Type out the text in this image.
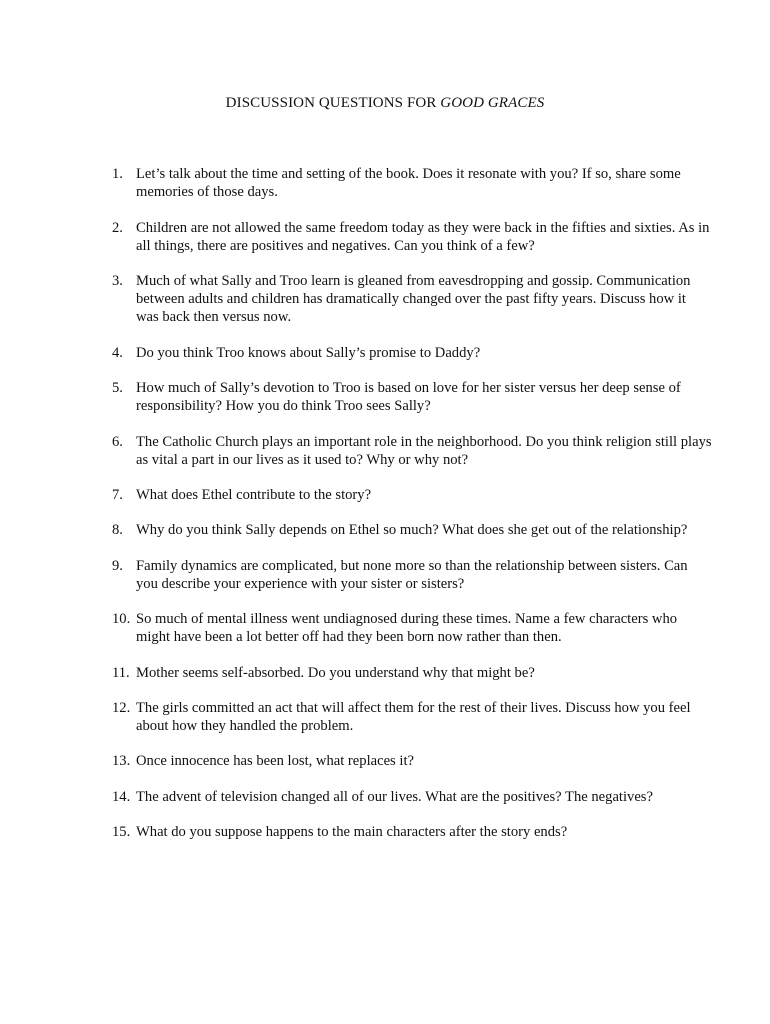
DISCUSSION QUESTIONS FOR GOOD GRACES
1. Let’s talk about the time and setting of the book. Does it resonate with you? If so, share some memories of those days.
2. Children are not allowed the same freedom today as they were back in the fifties and sixties. As in all things, there are positives and negatives. Can you think of a few?
3. Much of what Sally and Troo learn is gleaned from eavesdropping and gossip. Communication between adults and children has dramatically changed over the past fifty years. Discuss how it was back then versus now.
4. Do you think Troo knows about Sally’s promise to Daddy?
5. How much of Sally’s devotion to Troo is based on love for her sister versus her deep sense of responsibility? How you do think Troo sees Sally?
6. The Catholic Church plays an important role in the neighborhood. Do you think religion still plays as vital a part in our lives as it used to? Why or why not?
7. What does Ethel contribute to the story?
8. Why do you think Sally depends on Ethel so much? What does she get out of the relationship?
9. Family dynamics are complicated, but none more so than the relationship between sisters. Can you describe your experience with your sister or sisters?
10. So much of mental illness went undiagnosed during these times. Name a few characters who might have been a lot better off had they been born now rather than then.
11. Mother seems self-absorbed. Do you understand why that might be?
12. The girls committed an act that will affect them for the rest of their lives. Discuss how you feel about how they handled the problem.
13. Once innocence has been lost, what replaces it?
14. The advent of television changed all of our lives. What are the positives? The negatives?
15. What do you suppose happens to the main characters after the story ends?
